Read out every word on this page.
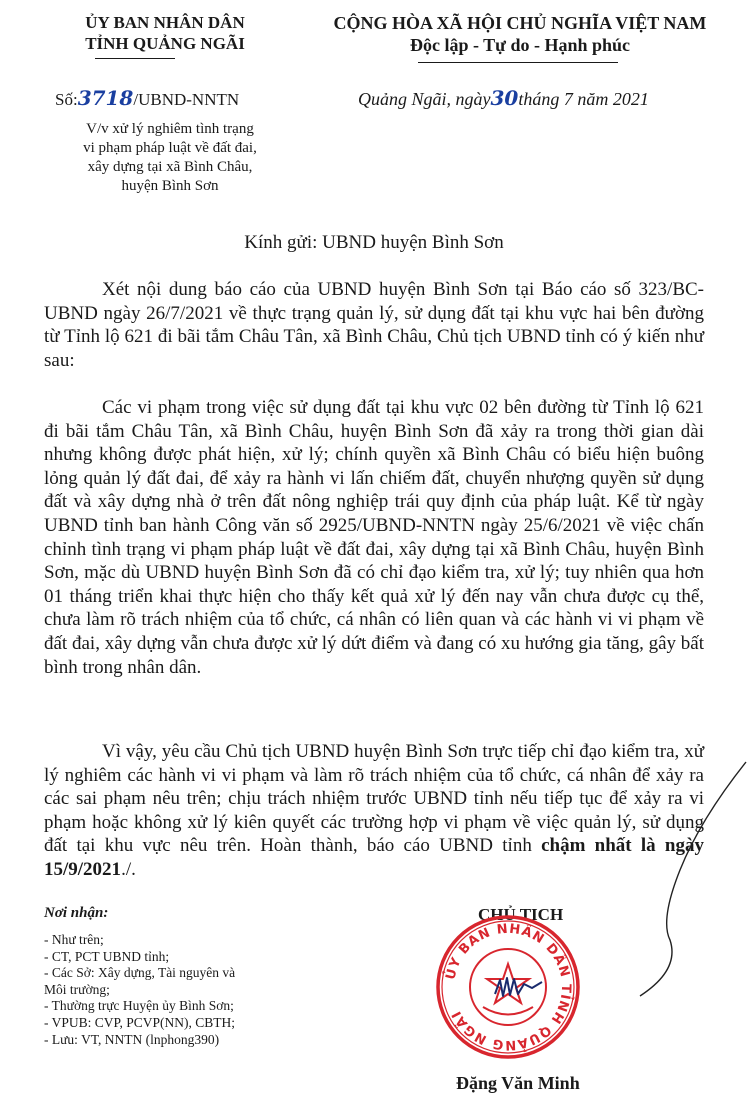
ỦY BAN NHÂN DÂN
TỈNH QUẢNG NGÃI
CỘNG HÒA XÃ HỘI CHỦ NGHĨA VIỆT NAM
Độc lập - Tự do - Hạnh phúc
Số:3718/UBND-NNTN	Quảng Ngãi, ngày30tháng 7 năm 2021
V/v xử lý nghiêm tình trạng
vi phạm pháp luật về đất đai,
xây dựng tại xã Bình Châu,
huyện Bình Sơn
Kính gửi: UBND huyện Bình Sơn
Xét nội dung báo cáo của UBND huyện Bình Sơn tại Báo cáo số 323/BC-UBND ngày 26/7/2021 về thực trạng quản lý, sử dụng đất tại khu vực hai bên đường từ Tỉnh lộ 621 đi bãi tắm Châu Tân, xã Bình Châu, Chủ tịch UBND tỉnh có ý kiến như sau:
Các vi phạm trong việc sử dụng đất tại khu vực 02 bên đường từ Tỉnh lộ 621 đi bãi tắm Châu Tân, xã Bình Châu, huyện Bình Sơn đã xảy ra trong thời gian dài nhưng không được phát hiện, xử lý; chính quyền xã Bình Châu có biểu hiện buông lỏng quản lý đất đai, để xảy ra hành vi lấn chiếm đất, chuyển nhượng quyền sử dụng đất và xây dựng nhà ở trên đất nông nghiệp trái quy định của pháp luật. Kể từ ngày UBND tỉnh ban hành Công văn số 2925/UBND-NNTN ngày 25/6/2021 về việc chấn chỉnh tình trạng vi phạm pháp luật về đất đai, xây dựng tại xã Bình Châu, huyện Bình Sơn, mặc dù UBND huyện Bình Sơn đã có chỉ đạo kiểm tra, xử lý; tuy nhiên qua hơn 01 tháng triển khai thực hiện cho thấy kết quả xử lý đến nay vẫn chưa được cụ thể, chưa làm rõ trách nhiệm của tổ chức, cá nhân có liên quan và các hành vi vi phạm về đất đai, xây dựng vẫn chưa được xử lý dứt điểm và đang có xu hướng gia tăng, gây bất bình trong nhân dân.
Vì vậy, yêu cầu Chủ tịch UBND huyện Bình Sơn trực tiếp chỉ đạo kiểm tra, xử lý nghiêm các hành vi vi phạm và làm rõ trách nhiệm của tổ chức, cá nhân để xảy ra các sai phạm nêu trên; chịu trách nhiệm trước UBND tỉnh nếu tiếp tục để xảy ra vi phạm hoặc không xử lý kiên quyết các trường hợp vi phạm về việc quản lý, sử dụng đất tại khu vực nêu trên. Hoàn thành, báo cáo UBND tỉnh chậm nhất là ngày 15/9/2021./.
Nơi nhận:
- Như trên;
- CT, PCT UBND tỉnh;
- Các Sở: Xây dựng, Tài nguyên và
Môi trường;
- Thường trực Huyện ủy Bình Sơn;
- VPUB: CVP, PCVP(NN), CBTH;
- Lưu: VT, NNTN (lnphong390)
CHỦ TỊCH
ỦY BAN NHÂN DÂN TỈNH QUẢNG NGÃI
Đặng Văn Minh
